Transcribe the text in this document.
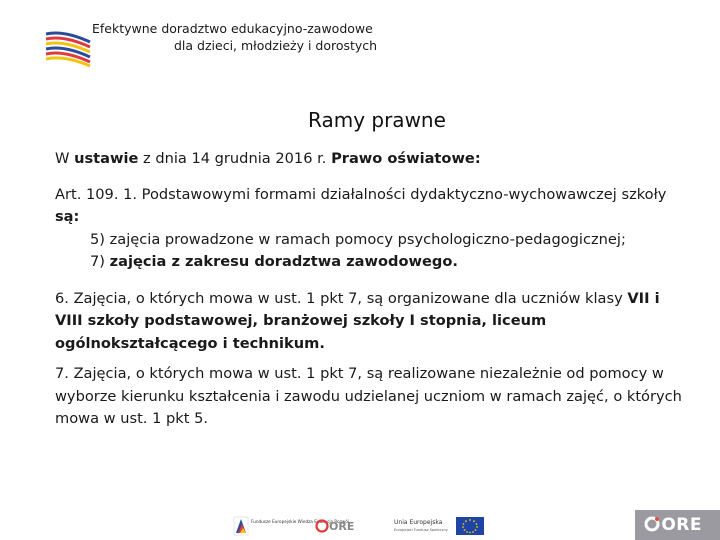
Efektywne doradztwo edukacyjno-zawodowe
dla dzieci, młodzieży i dorostych
Ramy prawne

W ustawie z dnia 14 grudnia 2016 r. Prawo oświatowe:

Art. 109. 1. Podstawowymi formami działalności dydaktyczno-wychowawczej szkoły są:

5) zajęcia prowadzone w ramach pomocy psychologiczno-pedagogicznej;

7) zajęcia z zakresu doradztwa zawodowego.

6. Zajęcia, o których mowa w ust. 1 pkt 7, są organizowane dla uczniów klasy VII i VIII szkoły podstawowej, branżowej szkoły I stopnia, liceum ogólnokształcącego i technikum.

7. Zajęcia, o których mowa w ust. 1 pkt 7, są realizowane niezależnie od pomocy w wyborze kierunku kształcenia i zawodu udzielanej uczniom w ramach zajęć, o których mowa w ust. 1 pkt 5.

Fundusze Europejskie Wiedza Edukacja Rozwój
ORE	Unia Europejska
Europejski Fundusz Społeczny	ORE
